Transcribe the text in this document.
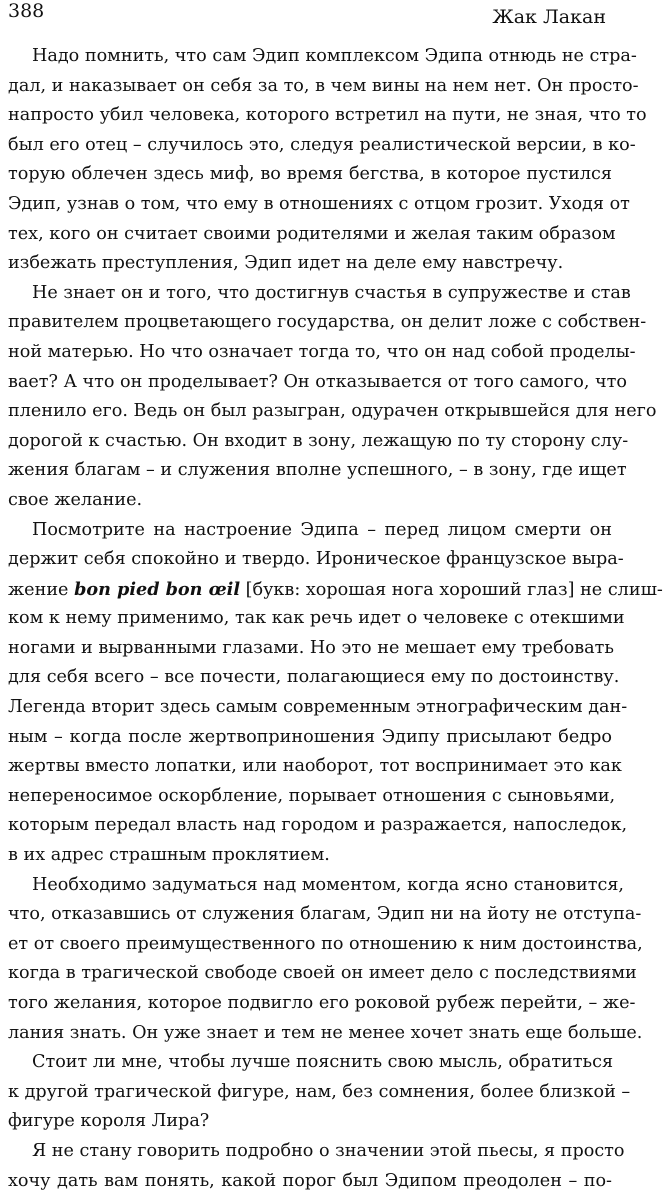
388	Жак Лакан
Надо помнить, что сам Эдип комплексом Эдипа отнюдь не стра-
дал, и наказывает он себя за то, в чем вины на нем нет. Он просто-
напросто убил человека, которого встретил на пути, не зная, что то
был его отец – случилось это, следуя реалистической версии, в ко-
торую облечен здесь миф, во время бегства, в которое пустился
Эдип, узнав о том, что ему в отношениях с отцом грозит. Уходя от
тех, кого он считает своими родителями и желая таким образом
избежать преступления, Эдип идет на деле ему навстречу.
Не знает он и того, что достигнув счастья в супружестве и став
правителем процветающего государства, он делит ложе с собствен-
ной матерью. Но что означает тогда то, что он над собой проделы-
вает? А что он проделывает? Он отказывается от того самого, что
пленило его. Ведь он был разыгран, одурачен открывшейся для него
дорогой к счастью. Он входит в зону, лежащую по ту сторону слу-
жения благам – и служения вполне успешного, – в зону, где ищет
свое желание.
Посмотрите на настроение Эдипа – перед лицом смерти он
держит себя спокойно и твердо. Ироническое французское выра-
жение bon pied bon œil [букв: хорошая нога хороший глаз] не слиш-
ком к нему применимо, так как речь идет о человеке с отекшими
ногами и вырванными глазами. Но это не мешает ему требовать
для себя всего – все почести, полагающиеся ему по достоинству.
Легенда вторит здесь самым современным этнографическим дан-
ным – когда после жертвоприношения Эдипу присылают бедро
жертвы вместо лопатки, или наоборот, тот воспринимает это как
непереносимое оскорбление, порывает отношения с сыновьями,
которым передал власть над городом и разражается, напоследок,
в их адрес страшным проклятием.
Необходимо задуматься над моментом, когда ясно становится,
что, отказавшись от служения благам, Эдип ни на йоту не отступа-
ет от своего преимущественного по отношению к ним достоинства,
когда в трагической свободе своей он имеет дело с последствиями
того желания, которое подвигло его роковой рубеж перейти, – же-
лания знать. Он уже знает и тем не менее хочет знать еще больше.
Стоит ли мне, чтобы лучше пояснить свою мысль, обратиться
к другой трагической фигуре, нам, без сомнения, более близкой –
фигуре короля Лира?
Я не стану говорить подробно о значении этой пьесы, я просто
хочу дать вам понять, какой порог был Эдипом преодолен – по-
